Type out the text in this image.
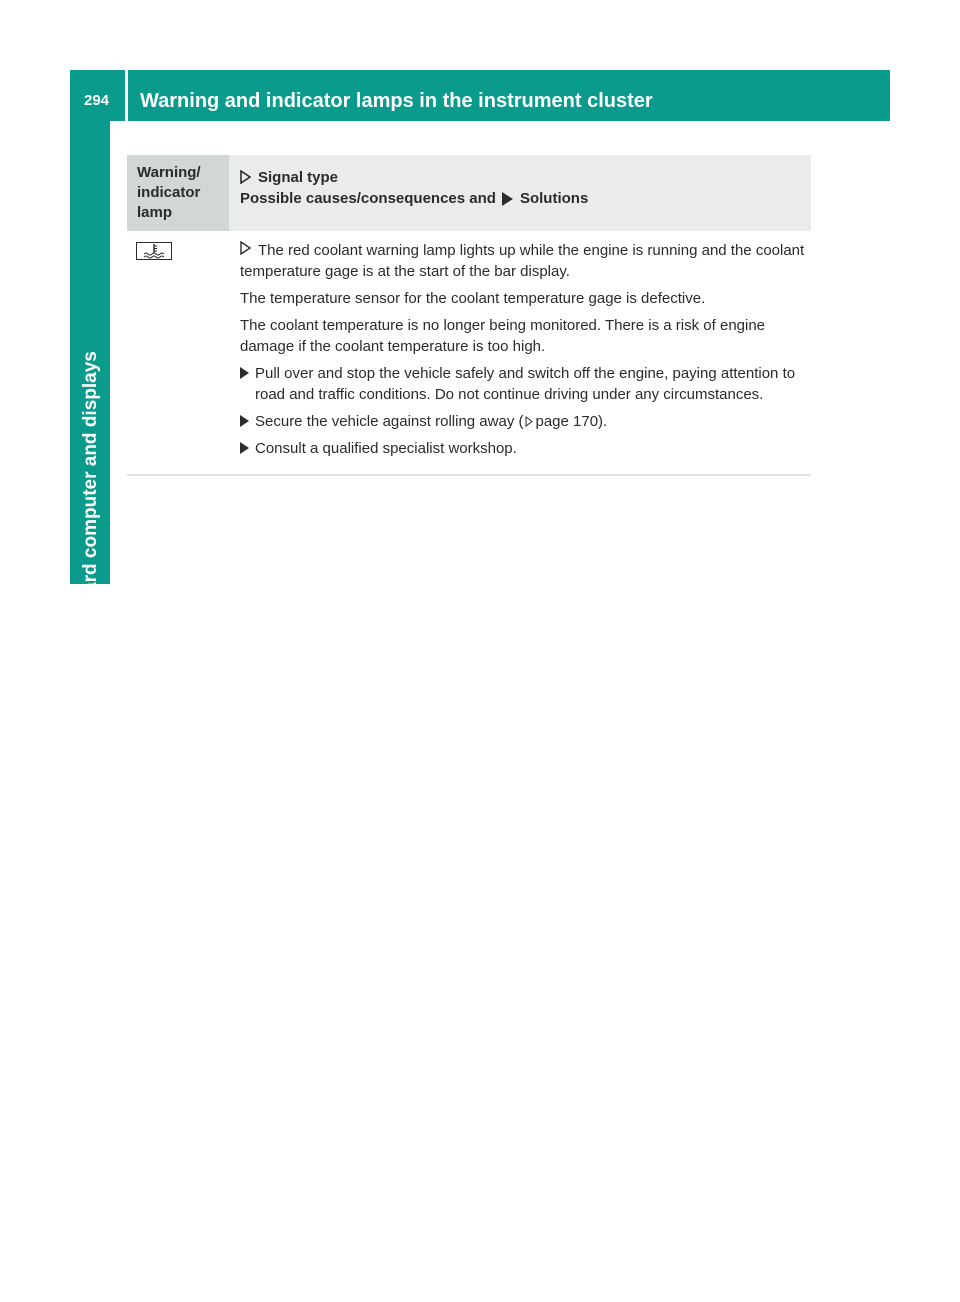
294 Warning and indicator lamps in the instrument cluster
On-board computer and displays
Warning/
indicator
lamp
Signal type
Possible causes/consequences and Solutions

The red coolant warning lamp lights up while the engine is running and the coolant temperature gage is at the start of the bar display.

The temperature sensor for the coolant temperature gage is defective.

The coolant temperature is no longer being monitored. There is a risk of engine damage if the coolant temperature is too high.

Pull over and stop the vehicle safely and switch off the engine, paying attention to road and traffic conditions. Do not continue driving under any circumstances.
Secure the vehicle against rolling away ( page 170).
Consult a qualified specialist workshop.
